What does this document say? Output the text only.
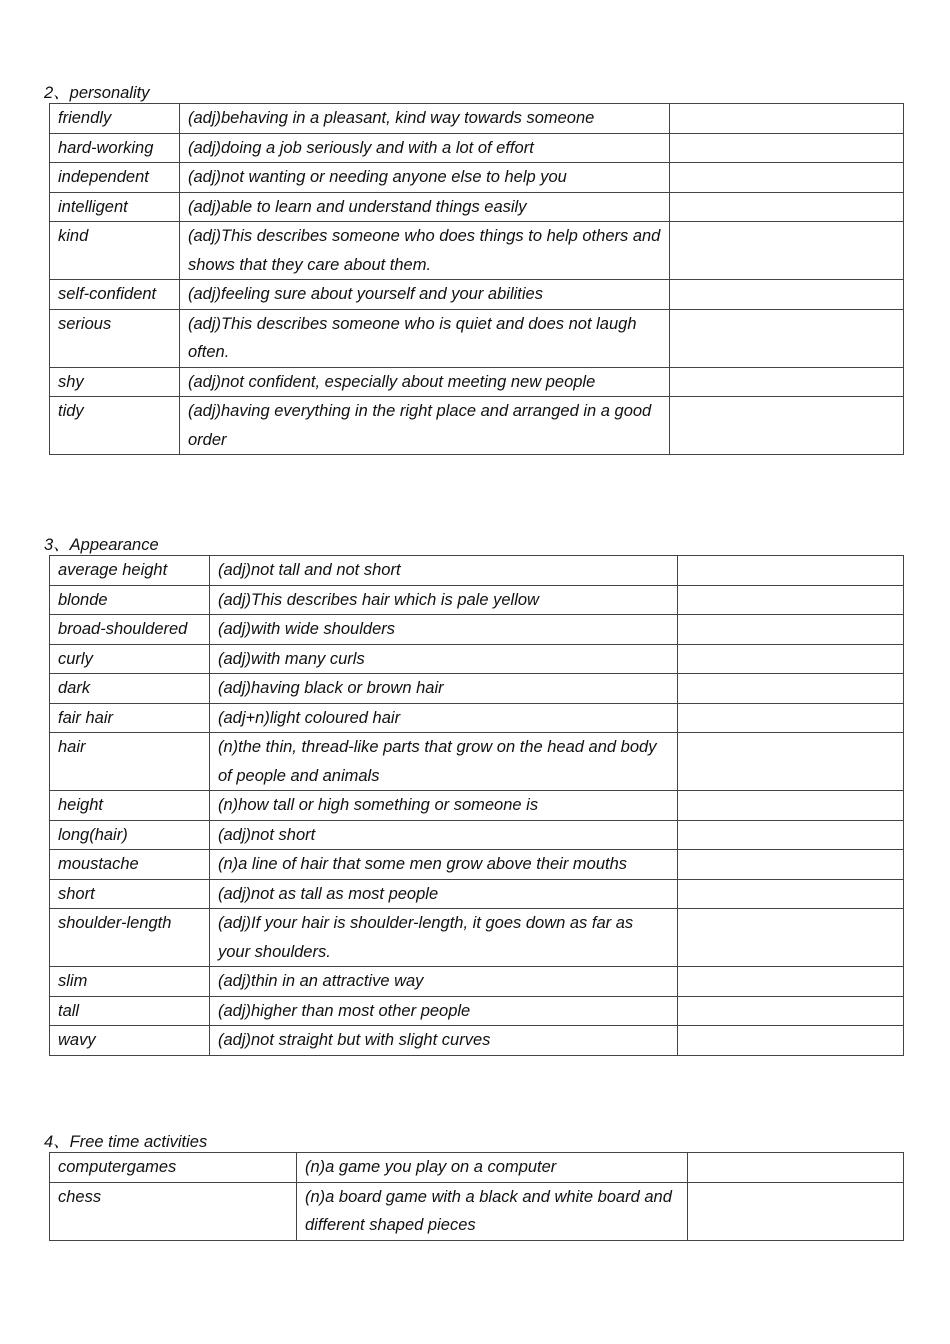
2、personality
friendly	(adj)behaving in a pleasant, kind way towards someone	
hard-working	(adj)doing a job seriously and with a lot of effort	
independent	(adj)not wanting or needing anyone else to help you	
intelligent	(adj)able to learn and understand things easily	
kind	(adj)This describes someone who does things to help others and shows that they care about them.	
self-confident	(adj)feeling sure about yourself and your abilities	
serious	(adj)This describes someone who is quiet and does not laugh often.	
shy	(adj)not confident, especially about meeting new people	
tidy	(adj)having everything in the right place and arranged in a good order	
3、Appearance
average height	(adj)not tall and not short	
blonde	(adj)This describes hair which is pale yellow	
broad-shouldered	(adj)with wide shoulders	
curly	(adj)with many curls	
dark	(adj)having black or brown hair	
fair hair	(adj+n)light coloured hair	
hair	(n)the thin, thread-like parts that grow on the head and body of people and animals	
height	(n)how tall or high something or someone is	
long(hair)	(adj)not short	
moustache	(n)a line of hair that some men grow above their mouths	
short	(adj)not as tall as most people	
shoulder-length	(adj)If your hair is shoulder-length, it goes down as far as your shoulders.	
slim	(adj)thin in an attractive way	
tall	(adj)higher than most other people	
wavy	(adj)not straight but with slight curves	
4、Free time activities
computergames	(n)a game you play on a computer	
chess	(n)a board game with a black and white board and different shaped pieces	
